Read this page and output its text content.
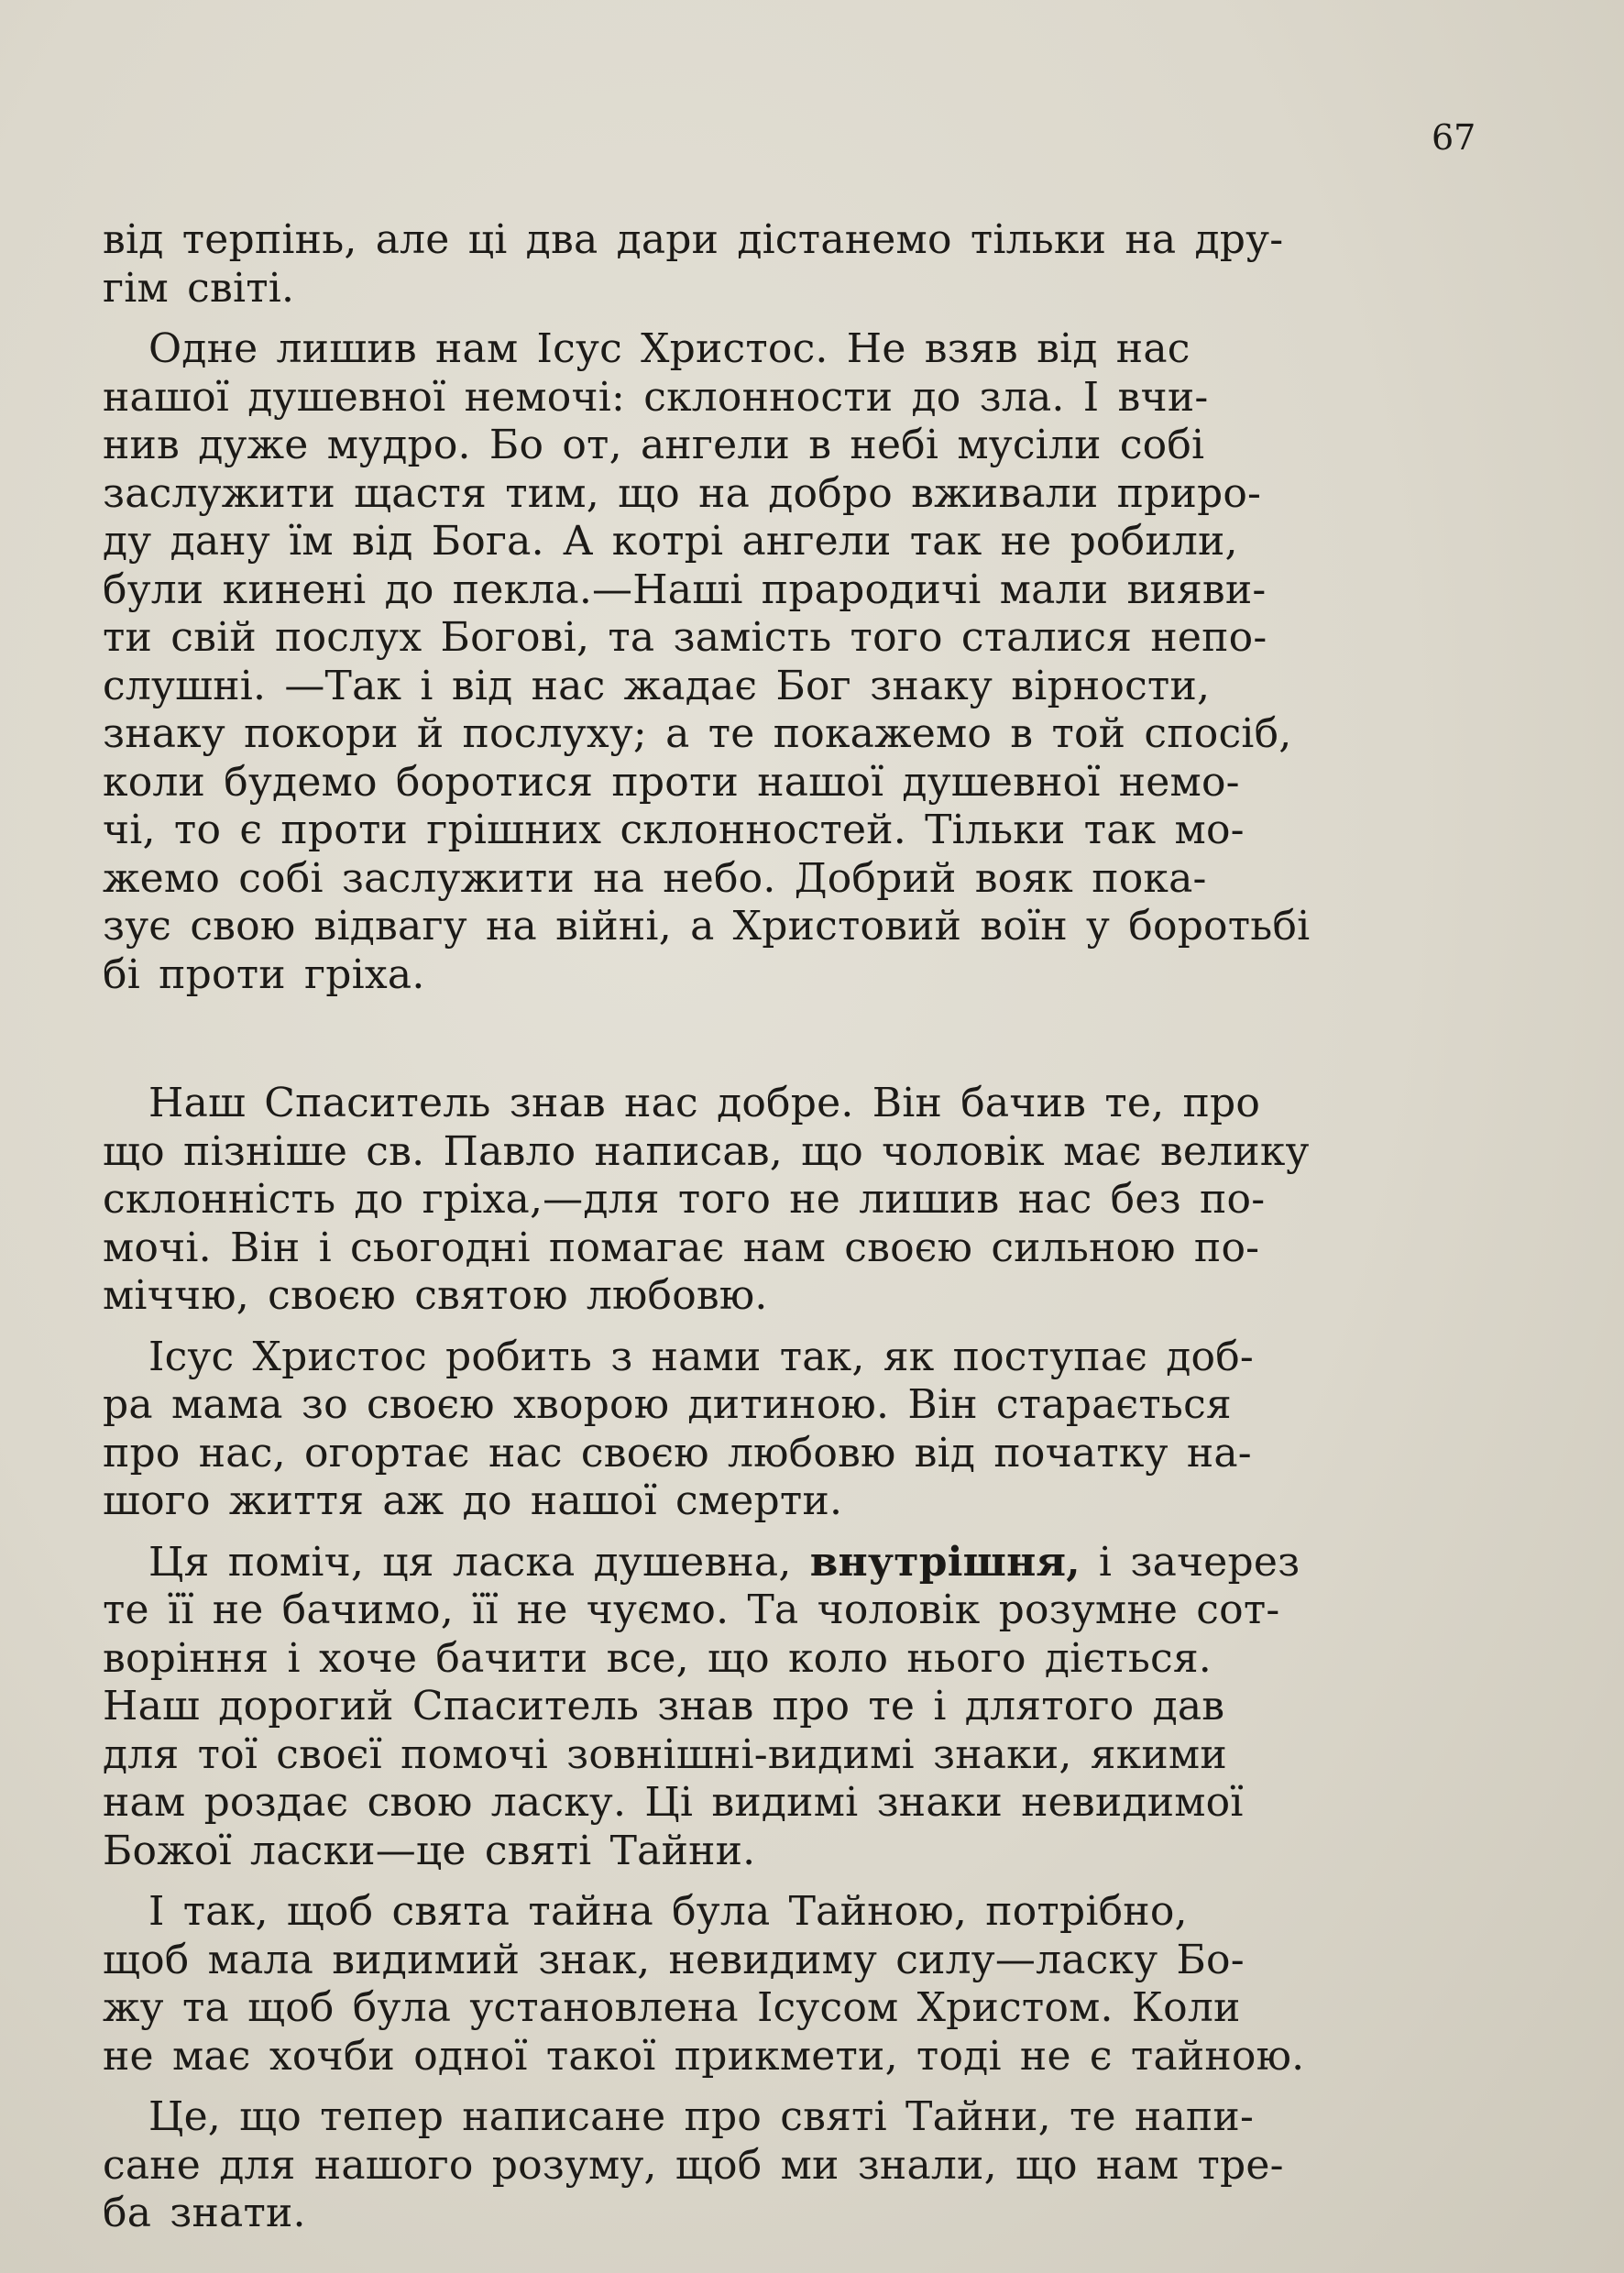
67

від терпінь, але ці два дари дістанемо тільки на дру-
гім світі.

Одне лишив нам Ісус Христос. Не взяв від нас
нашої душевної немочі: склонности до зла. І вчи-
нив дуже мудро. Бо от, ангели в небі мусіли собі
заслужити щастя тим, що на добро вживали приро-
ду дану їм від Бога. А котрі ангели так не робили,
були кинені до пекла.—Наші прародичі мали вияви-
ти свій послух Богові, та замість того сталися непо-
слушні. —Так і від нас жадає Бог знаку вірности,
знаку покори й послуху; а те покажемо в той спосіб,
коли будемо боротися проти нашої душевної немо-
чі, то є проти грішних склонностей. Тільки так мо-
жемо собі заслужити на небо. Добрий вояк пока-
зує свою відвагу на війні, а Христовий воїн у боротьбі
бі проти гріха.

Наш Спаситель знав нас добре. Він бачив те, про
що пізніше св. Павло написав, що чоловік має велику
склонність до гріха,—для того не лишив нас без по-
мочі. Він і сьогодні помагає нам своєю сильною по-
міччю, своєю святою любовю.

Ісус Христос робить з нами так, як поступає доб-
ра мама зо своєю хворою дитиною. Він старається
про нас, огортає нас своєю любовю від початку на-
шого життя аж до нашої смерти.

Ця поміч, ця ласка душевна, внутрішня, і зачерез
те її не бачимо, її не чуємо. Та чоловік розумне сот-
воріння і хоче бачити все, що коло нього діється.
Наш дорогий Спаситель знав про те і длятого дав
для тої своєї помочі зовнішні-видимі знаки, якими
нам роздає свою ласку. Ці видимі знаки невидимої
Божої ласки—це святі Тайни.

І так, щоб свята тайна була Тайною, потрібно,
щоб мала видимий знак, невидиму силу—ласку Бо-
жу та щоб була установлена Ісусом Христом. Коли
не має хочби одної такої прикмети, тоді не є тайною.

Це, що тепер написане про святі Тайни, те напи-
сане для нашого розуму, щоб ми знали, що нам тре-
ба знати.
